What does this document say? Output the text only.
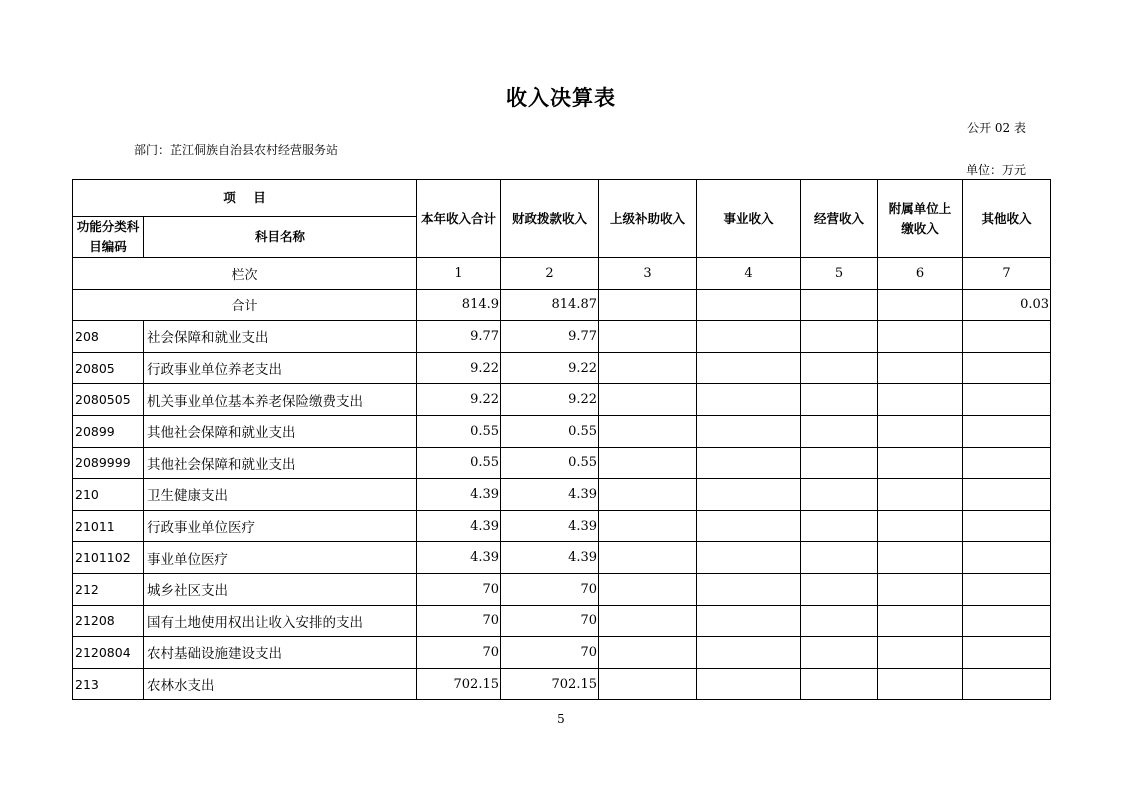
收入决算表
公开 02 表
部门：芷江侗族自治县农村经营服务站
单位：万元
项    目		本年收入合计	财政拨款收入	上级补助收入	事业收入	经营收入	附属单位上缴收入	其他收入
功能分类科目编码	科目名称							
栏次		1	2	3	4	5	6	7
合计		814.9	814.87					0.03
208	社会保障和就业支出	9.77	9.77					
20805	行政事业单位养老支出	9.22	9.22					
2080505	机关事业单位基本养老保险缴费支出	9.22	9.22					
20899	其他社会保障和就业支出	0.55	0.55					
2089999	其他社会保障和就业支出	0.55	0.55					
210	卫生健康支出	4.39	4.39					
21011	行政事业单位医疗	4.39	4.39					
2101102	事业单位医疗	4.39	4.39					
212	城乡社区支出	70	70					
21208	国有土地使用权出让收入安排的支出	70	70					
2120804	农村基础设施建设支出	70	70					
213	农林水支出	702.15	702.15					
5
